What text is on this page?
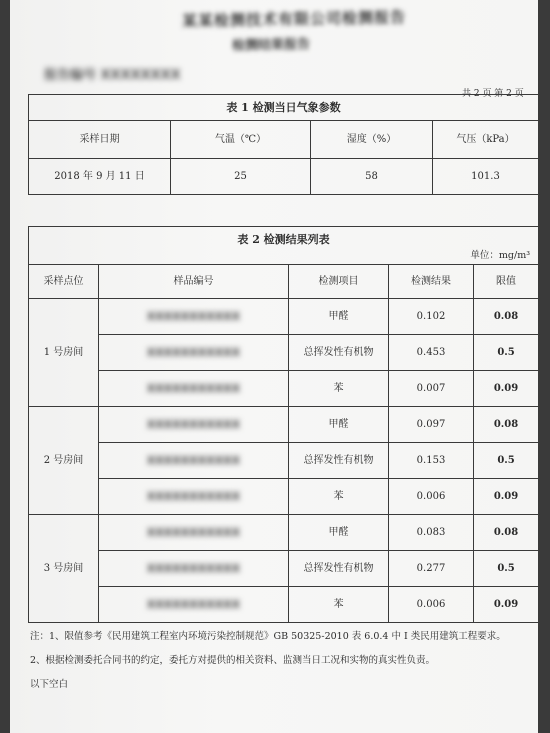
某某检测技术有限公司检测报告
检测结果报告
报告编号 XXXXXXXX
共 2 页 第 2 页
表 1 检测当日气象参数			
采样日期	气温（℃）	湿度（%）	气压（kPa）
2018 年 9 月 11 日	25	58	101.3
表 2 检测结果列表
单位：mg/m³				

采样点位	样品编号	检测项目	检测结果	限值
1 号房间	XXXXXXXXXXX	甲醛	0.102	0.08
	XXXXXXXXXXX	总挥发性有机物	0.453	0.5
	XXXXXXXXXXX	苯	0.007	0.09
2 号房间	XXXXXXXXXXX	甲醛	0.097	0.08
	XXXXXXXXXXX	总挥发性有机物	0.153	0.5
	XXXXXXXXXXX	苯	0.006	0.09
3 号房间	XXXXXXXXXXX	甲醛	0.083	0.08
	XXXXXXXXXXX	总挥发性有机物	0.277	0.5
	XXXXXXXXXXX	苯	0.006	0.09
注：1、限值参考《民用建筑工程室内环境污染控制规范》GB 50325-2010 表 6.0.4 中 I 类民用建筑工程要求。
2、根据检测委托合同书的约定，委托方对提供的相关资料、监测当日工况和实物的真实性负责。
以下空白
